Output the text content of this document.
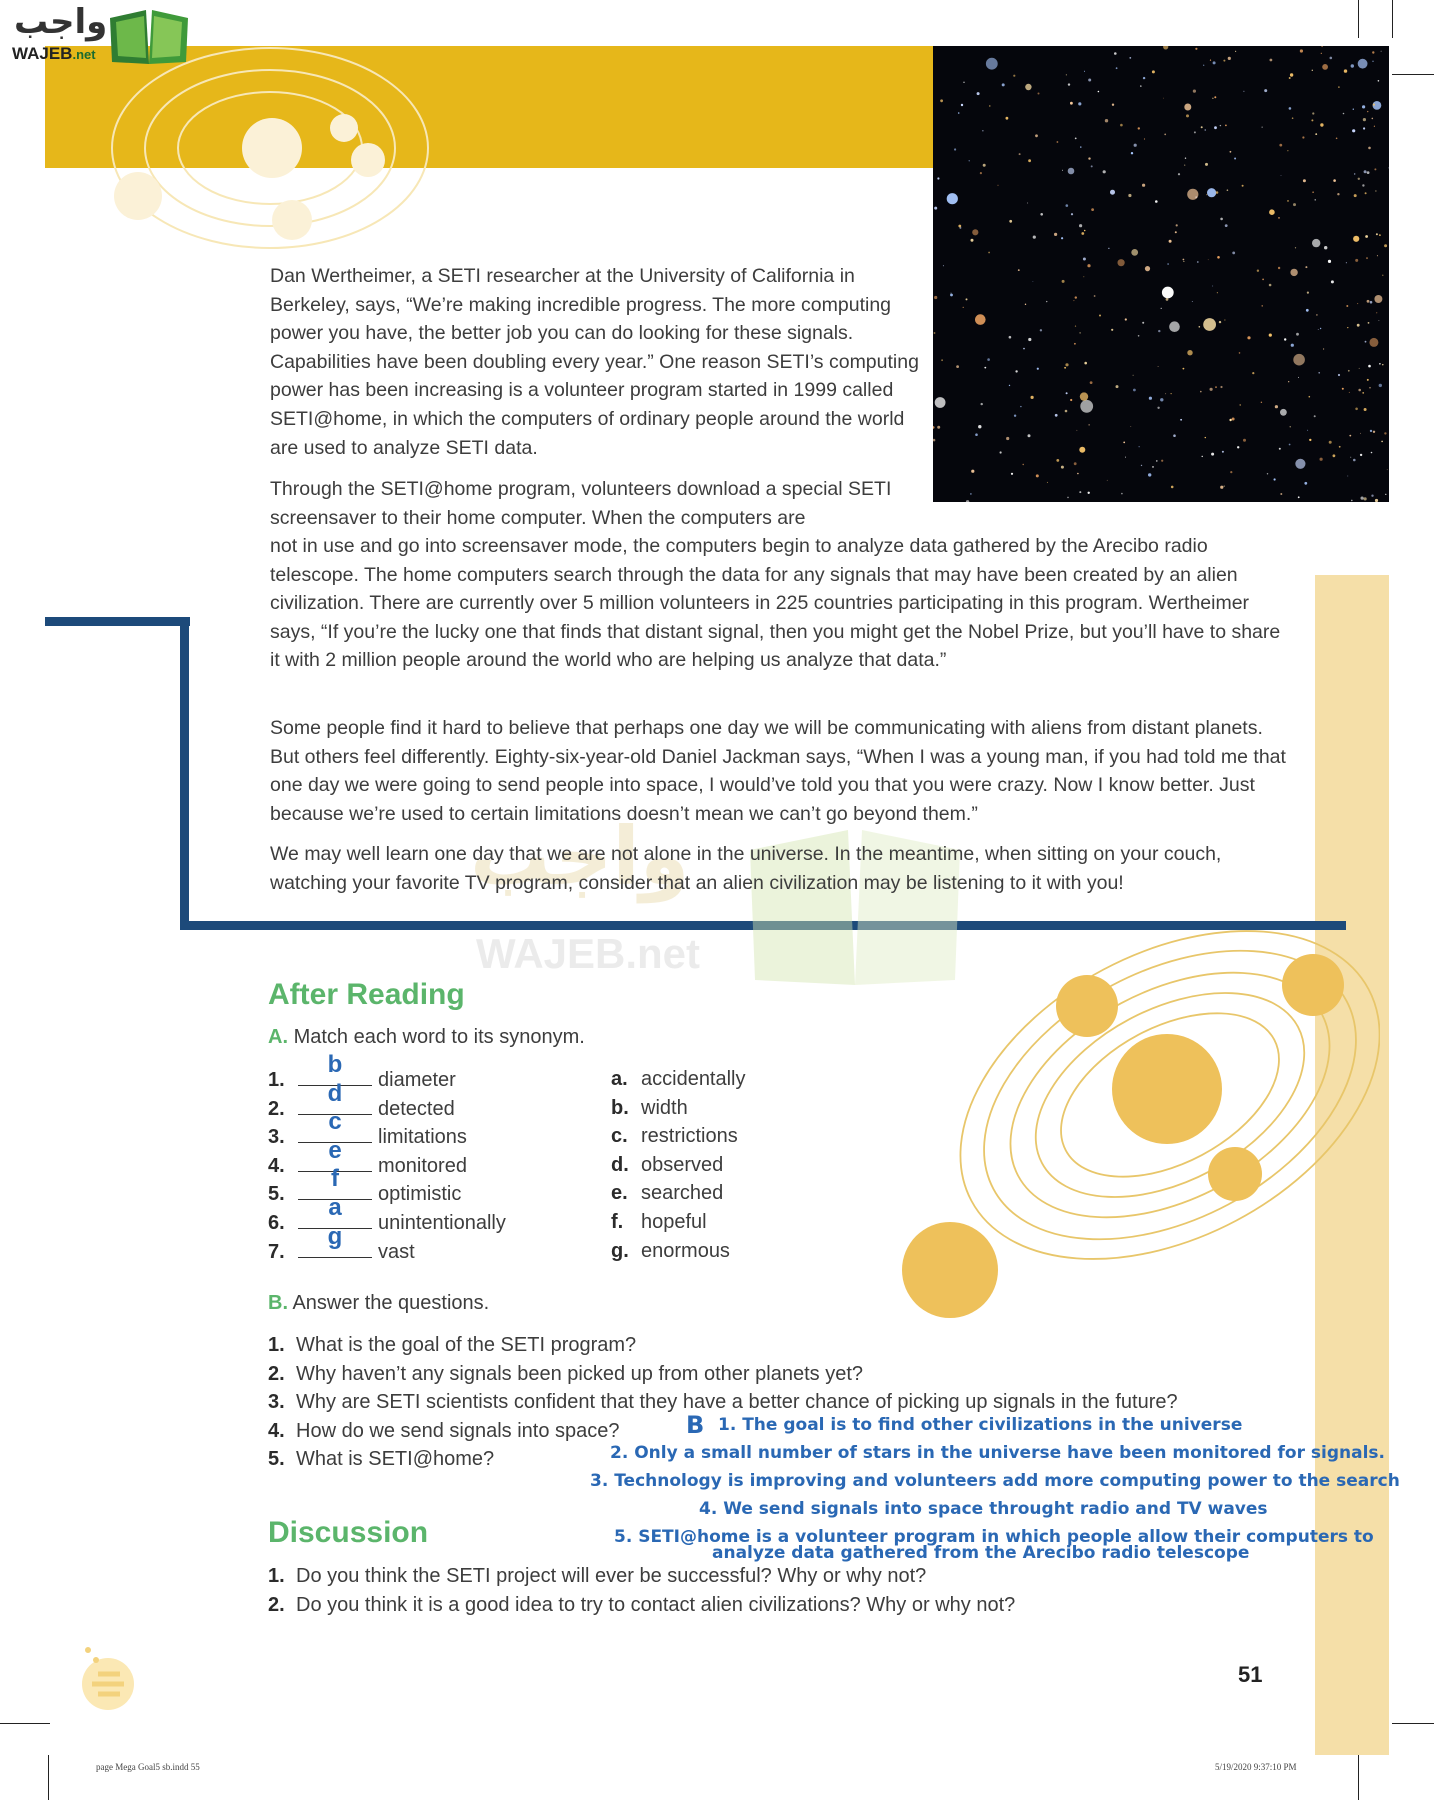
واجب
WAJEB.net
واجب
WAJEB.net

Dan Wertheimer, a SETI researcher at the University of California in Berkeley, says, “We’re making incredible progress. The more computing power you have, the better job you can do looking for these signals. Capabilities have been doubling every year.” One reason SETI’s computing power has been increasing is a volunteer program started in 1999 called SETI@home, in which the computers of ordinary people around the world are used to analyze SETI data.

Through the SETI@home program, volunteers download a special SETI screensaver to their home computer. When the computers are

not in use and go into screensaver mode, the computers begin to analyze data gathered by the Arecibo radio telescope. The home computers search through the data for any signals that may have been created by an alien civilization. There are currently over 5 million volunteers in 225 countries participating in this program. Wertheimer says, “If you’re the lucky one that finds that distant signal, then you might get the Nobel Prize, but you’ll have to share it with 2 million people around the world who are helping us analyze that data.”

Some people find it hard to believe that perhaps one day we will be communicating with aliens from distant planets. But others feel differently. Eighty-six-year-old Daniel Jackman says, “When I was a young man, if you had told me that one day we were going to send people into space, I would’ve told you that you were crazy. Now I know better. Just because we’re used to certain limitations doesn’t mean we can’t go beyond them.”

We may well learn one day that we are not alone in the universe. In the meantime, when sitting on your couch, watching your favorite TV program, consider that an alien civilization may be listening to it with you!

After Reading
A. Match each word to its synonym.
1.
b
diameter
2.
d
detected
3.
c
limitations
4.
e
monitored
5.
f
optimistic
6.
a
unintentionally
7.
g
vast
a. accidentally
b. width
c. restrictions
d. observed
e. searched
f. hopeful
g. enormous
B. Answer the questions.
1. What is the goal of the SETI program?
2. Why haven’t any signals been picked up from other planets yet?
3. Why are SETI scientists confident that they have a better chance of picking up signals in the future?
4. How do we send signals into space?
5. What is SETI@home?
B 1. The goal is to find other civilizations in the universe
2. Only a small number of stars in the universe have been monitored for signals.
3. Technology is improving and volunteers add more computing power to the search
4. We send signals into space throught radio and TV waves
5. SETI@home is a volunteer program in which people allow their computers to
analyze data gathered from the Arecibo radio telescope
Discussion
1. Do you think the SETI project will ever be successful? Why or why not?
2. Do you think it is a good idea to try to contact alien civilizations? Why or why not?
51
page Mega Goal5 sb.indd 55	5/19/2020 9:37:10 PM
